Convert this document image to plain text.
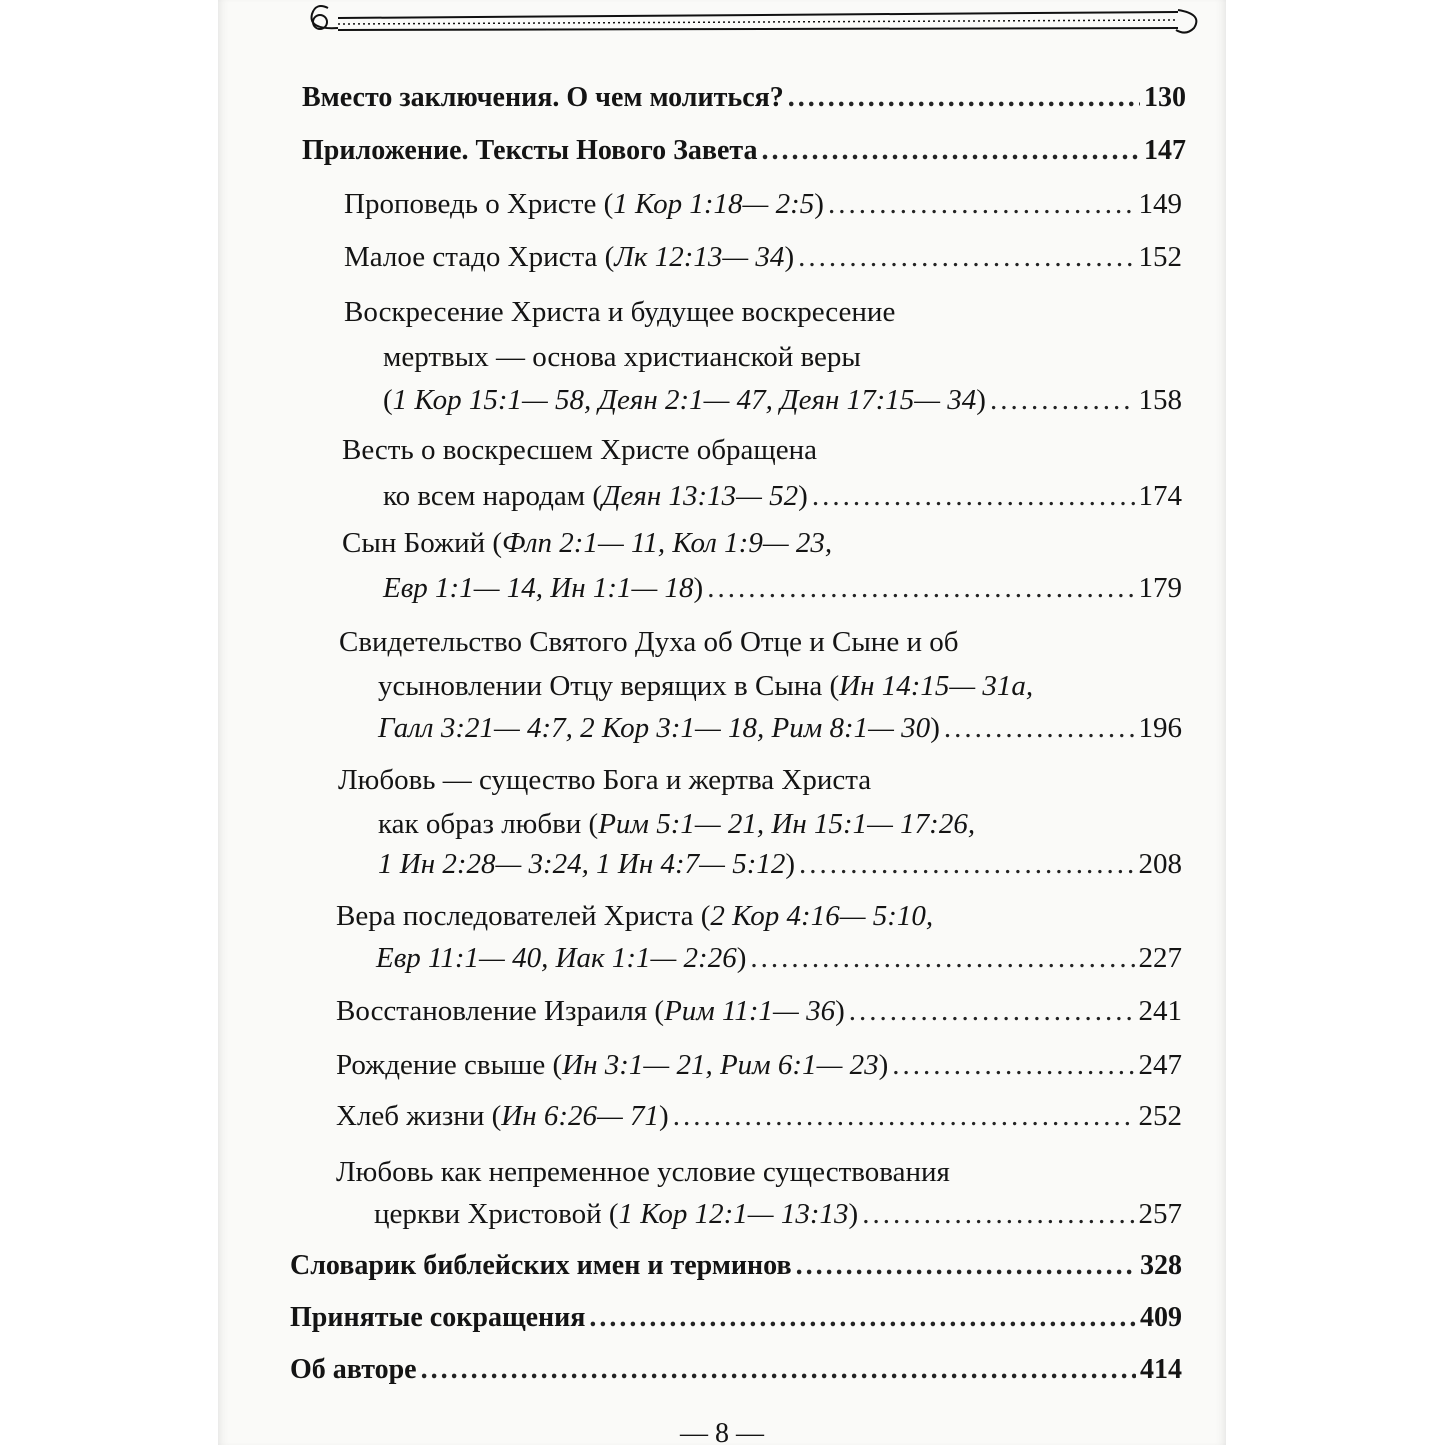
Вместо заключения. О чем молиться? .....	130
Приложение. Тексты Нового Завета .....	147
Проповедь о Христе (1 Кор 1:18— 2:5) .....	149
Малое стадо Христа (Лк 12:13— 34) .....	152
Воскресение Христа и будущее воскресение
мертвых — основа христианской веры
(1 Кор 15:1— 58, Деян 2:1— 47, Деян 17:15— 34) .....	158
Весть о воскресшем Христе обращена
ко всем народам (Деян 13:13— 52) .....	174
Сын Божий (Флп 2:1— 11, Кол 1:9— 23,
Евр 1:1— 14, Ин 1:1— 18) .....	179
Свидетельство Святого Духа об Отце и Сыне и об
усыновлении Отцу верящих в Сына (Ин 14:15— 31а,
Галл 3:21— 4:7, 2 Кор 3:1— 18, Рим 8:1— 30) .....	196
Любовь — существо Бога и жертва Христа
как образ любви (Рим 5:1— 21, Ин 15:1— 17:26,
1 Ин 2:28— 3:24, 1 Ин 4:7— 5:12) .....	208
Вера последователей Христа (2 Кор 4:16— 5:10,
Евр 11:1— 40, Иак 1:1— 2:26) .....	227
Восстановление Израиля (Рим 11:1— 36) .....	241
Рождение свыше (Ин 3:1— 21, Рим 6:1— 23) .....	247
Хлеб жизни (Ин 6:26— 71) .....	252
Любовь как непременное условие существования
церкви Христовой (1 Кор 12:1— 13:13) .....	257
Словарик библейских имен и терминов .....	328
Принятые сокращения .....	409
Об авторе .....	414
— 8 —
